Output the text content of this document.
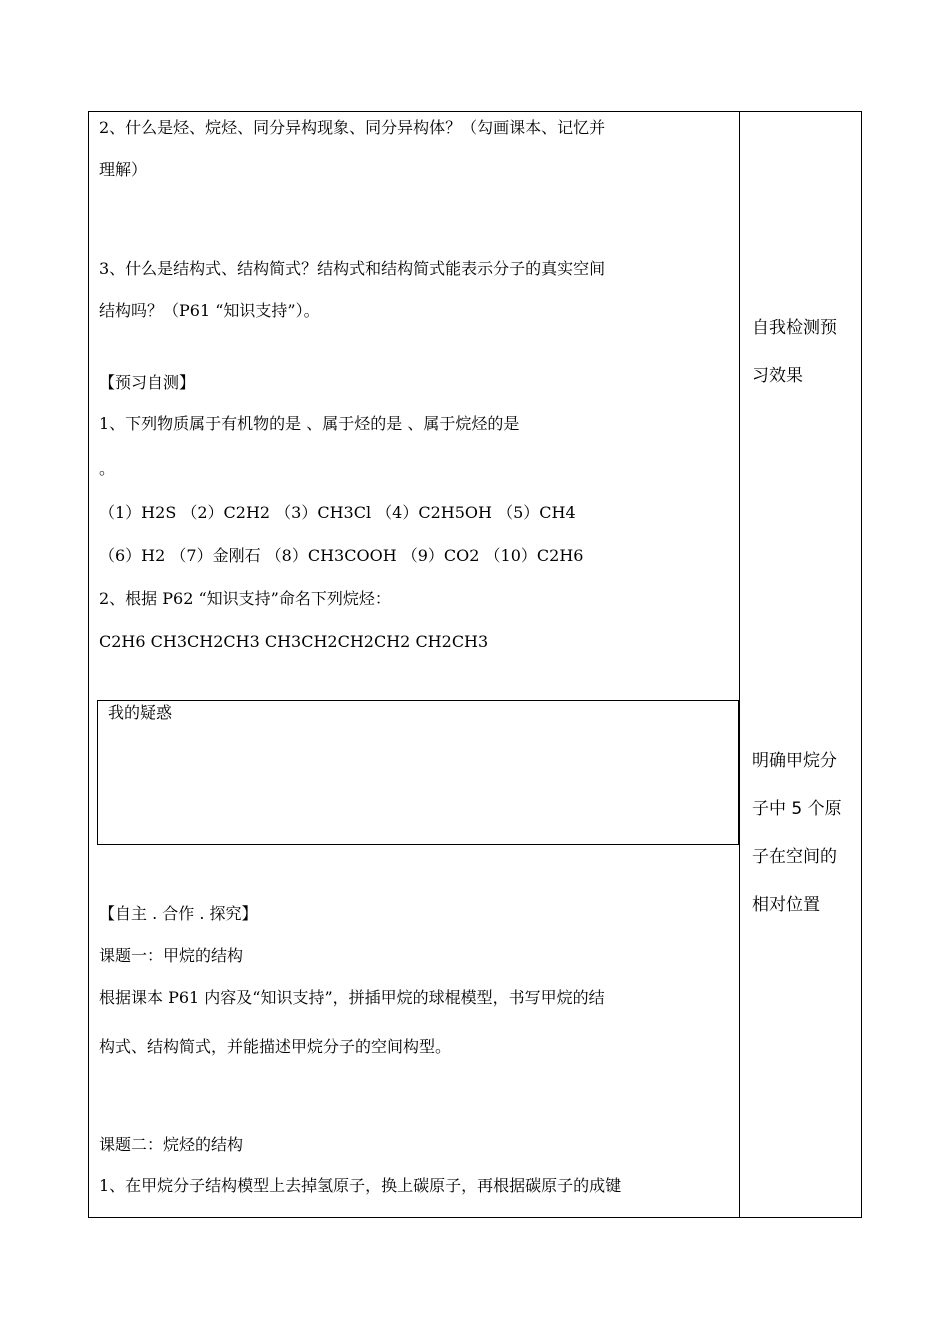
2、什么是烃、烷烃、同分异构现象、同分异构体？（勾画课本、记忆并
理解）
3、什么是结构式、结构简式？结构式和结构简式能表示分子的真实空间
结构吗？（P61 “知识支持”）。
【预习自测】
1、下列物质属于有机物的是 、属于烃的是 、属于烷烃的是
。
（1）H2S （2）C2H2 （3）CH3Cl （4）C2H5OH （5）CH4
（6）H2 （7）金刚石 （8）CH3COOH （9）CO2 （10）C2H6
2、根据 P62 “知识支持”命名下列烷烃：
C2H6 CH3CH2CH3 CH3CH2CH2CH2 CH2CH3
我的疑惑
【自主 . 合作 . 探究】
课题一：甲烷的结构
根据课本 P61 内容及“知识支持”，拼插甲烷的球棍模型，书写甲烷的结
构式、结构简式，并能描述甲烷分子的空间构型。
课题二：烷烃的结构
1、在甲烷分子结构模型上去掉氢原子，换上碳原子，再根据碳原子的成键
自我检测预
习效果
明确甲烷分
子中 5 个原
子在空间的
相对位置
